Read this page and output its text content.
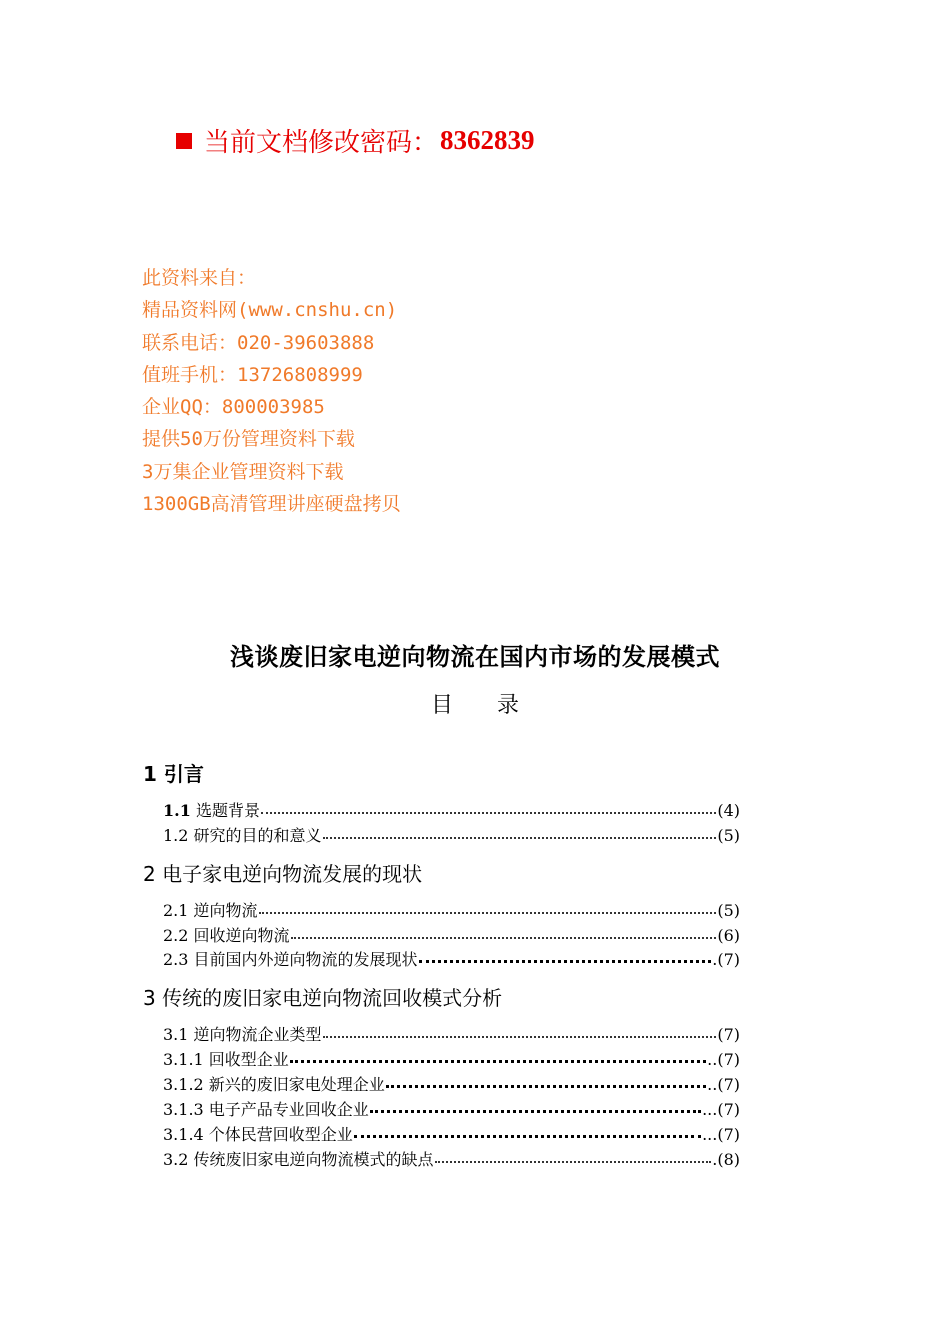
当前文档修改密码： 8362839
此资料来自：
精品资料网(www.cnshu.cn)
联系电话：020-39603888
值班手机：13726808999
企业QQ：800003985
提供50万份管理资料下载
3万集企业管理资料下载
1300GB高清管理讲座硬盘拷贝
浅谈废旧家电逆向物流在国内市场的发展模式
目 录
1 引言
1.1 选题背景	(4)
1.2 研究的目的和意义	(5)
2 电子家电逆向物流发展的现状
2.1 逆向物流	(5)
2.2 回收逆向物流	(6)
2.3 目前国内外逆向物流的发展现状	.(7)
3 传统的废旧家电逆向物流回收模式分析
3.1 逆向物流企业类型	(7)
3.1.1 回收型企业	..(7)
3.1.2 新兴的废旧家电处理企业	..(7)
3.1.3 电子产品专业回收企业	...(7)
3.1.4 个体民营回收型企业	...(7)
3.2 传统废旧家电逆向物流模式的缺点	.(8)
